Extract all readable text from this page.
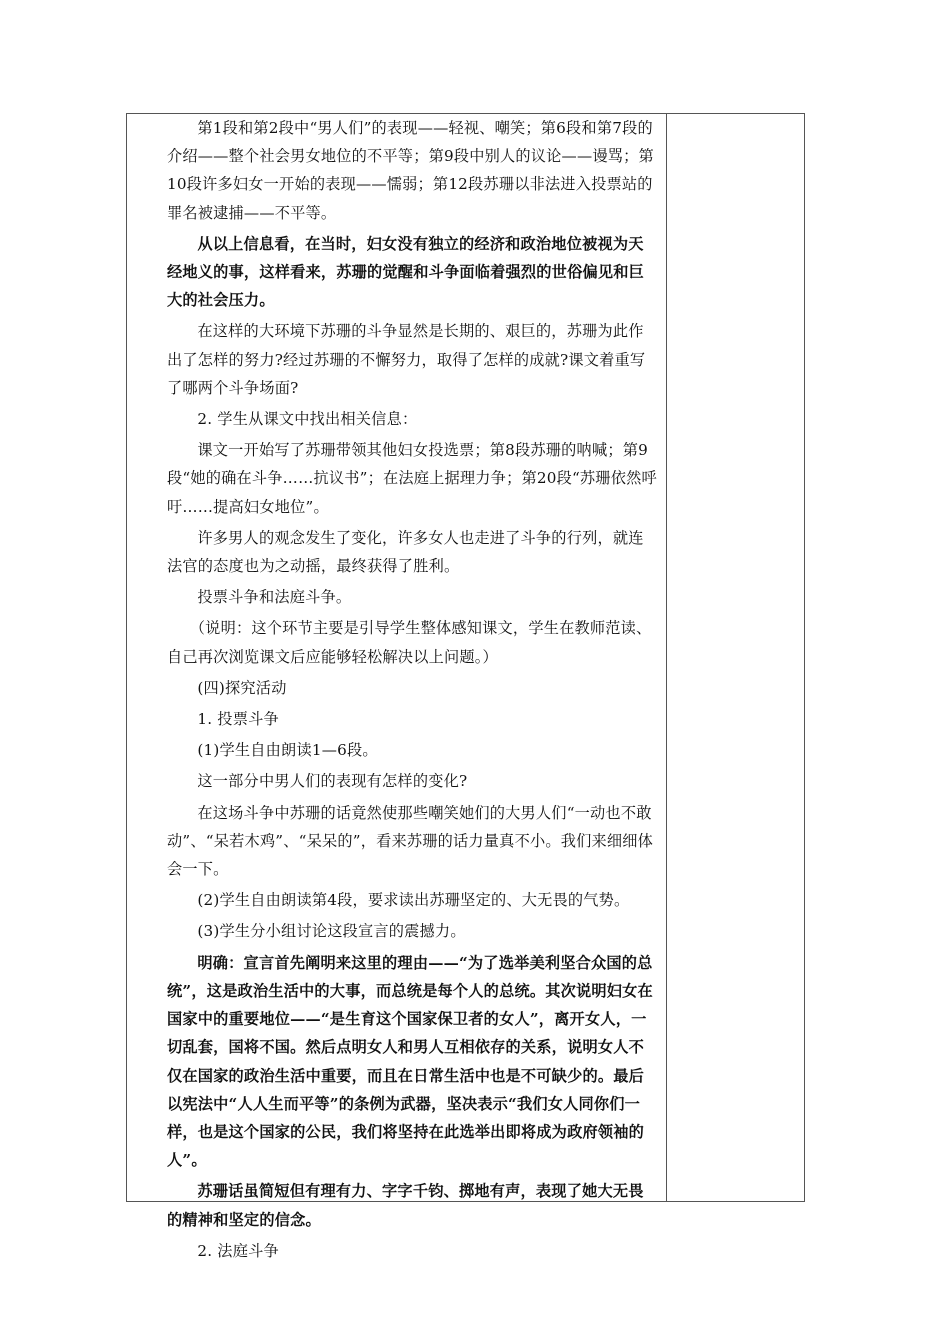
第1段和第2段中“男人们”的表现——轻视、嘲笑；第6段和第7段的介绍——整个社会男女地位的不平等；第9段中别人的议论——谩骂；第10段许多妇女一开始的表现——懦弱；第12段苏珊以非法进入投票站的罪名被逮捕——不平等。

从以上信息看，在当时，妇女没有独立的经济和政治地位被视为天经地义的事，这样看来，苏珊的觉醒和斗争面临着强烈的世俗偏见和巨大的社会压力。

在这样的大环境下苏珊的斗争显然是长期的、艰巨的，苏珊为此作出了怎样的努力?经过苏珊的不懈努力，取得了怎样的成就?课文着重写了哪两个斗争场面?

2. 学生从课文中找出相关信息：

课文一开始写了苏珊带领其他妇女投选票；第8段苏珊的呐喊；第9段“她的确在斗争……抗议书”；在法庭上据理力争；第20段“苏珊依然呼吁……提高妇女地位”。

许多男人的观念发生了变化，许多女人也走进了斗争的行列，就连法官的态度也为之动摇，最终获得了胜利。

投票斗争和法庭斗争。

（说明：这个环节主要是引导学生整体感知课文，学生在教师范读、自己再次浏览课文后应能够轻松解决以上问题。）

(四)探究活动

1. 投票斗争

(1)学生自由朗读1—6段。

这一部分中男人们的表现有怎样的变化?

在这场斗争中苏珊的话竟然使那些嘲笑她们的大男人们“一动也不敢动”、“呆若木鸡”、“呆呆的”，看来苏珊的话力量真不小。我们来细细体会一下。

(2)学生自由朗读第4段，要求读出苏珊坚定的、大无畏的气势。

(3)学生分小组讨论这段宣言的震撼力。

明确：宣言首先阐明来这里的理由——“为了选举美利坚合众国的总统”，这是政治生活中的大事，而总统是每个人的总统。其次说明妇女在国家中的重要地位——“是生育这个国家保卫者的女人”，离开女人，一切乱套，国将不国。然后点明女人和男人互相依存的关系，说明女人不仅在国家的政治生活中重要，而且在日常生活中也是不可缺少的。最后以宪法中“人人生而平等”的条例为武器，坚决表示“我们女人同你们一样，也是这个国家的公民，我们将坚持在此选举出即将成为政府领袖的人”。

苏珊话虽简短但有理有力、字字千钧、掷地有声，表现了她大无畏的精神和坚定的信念。

2. 法庭斗争
